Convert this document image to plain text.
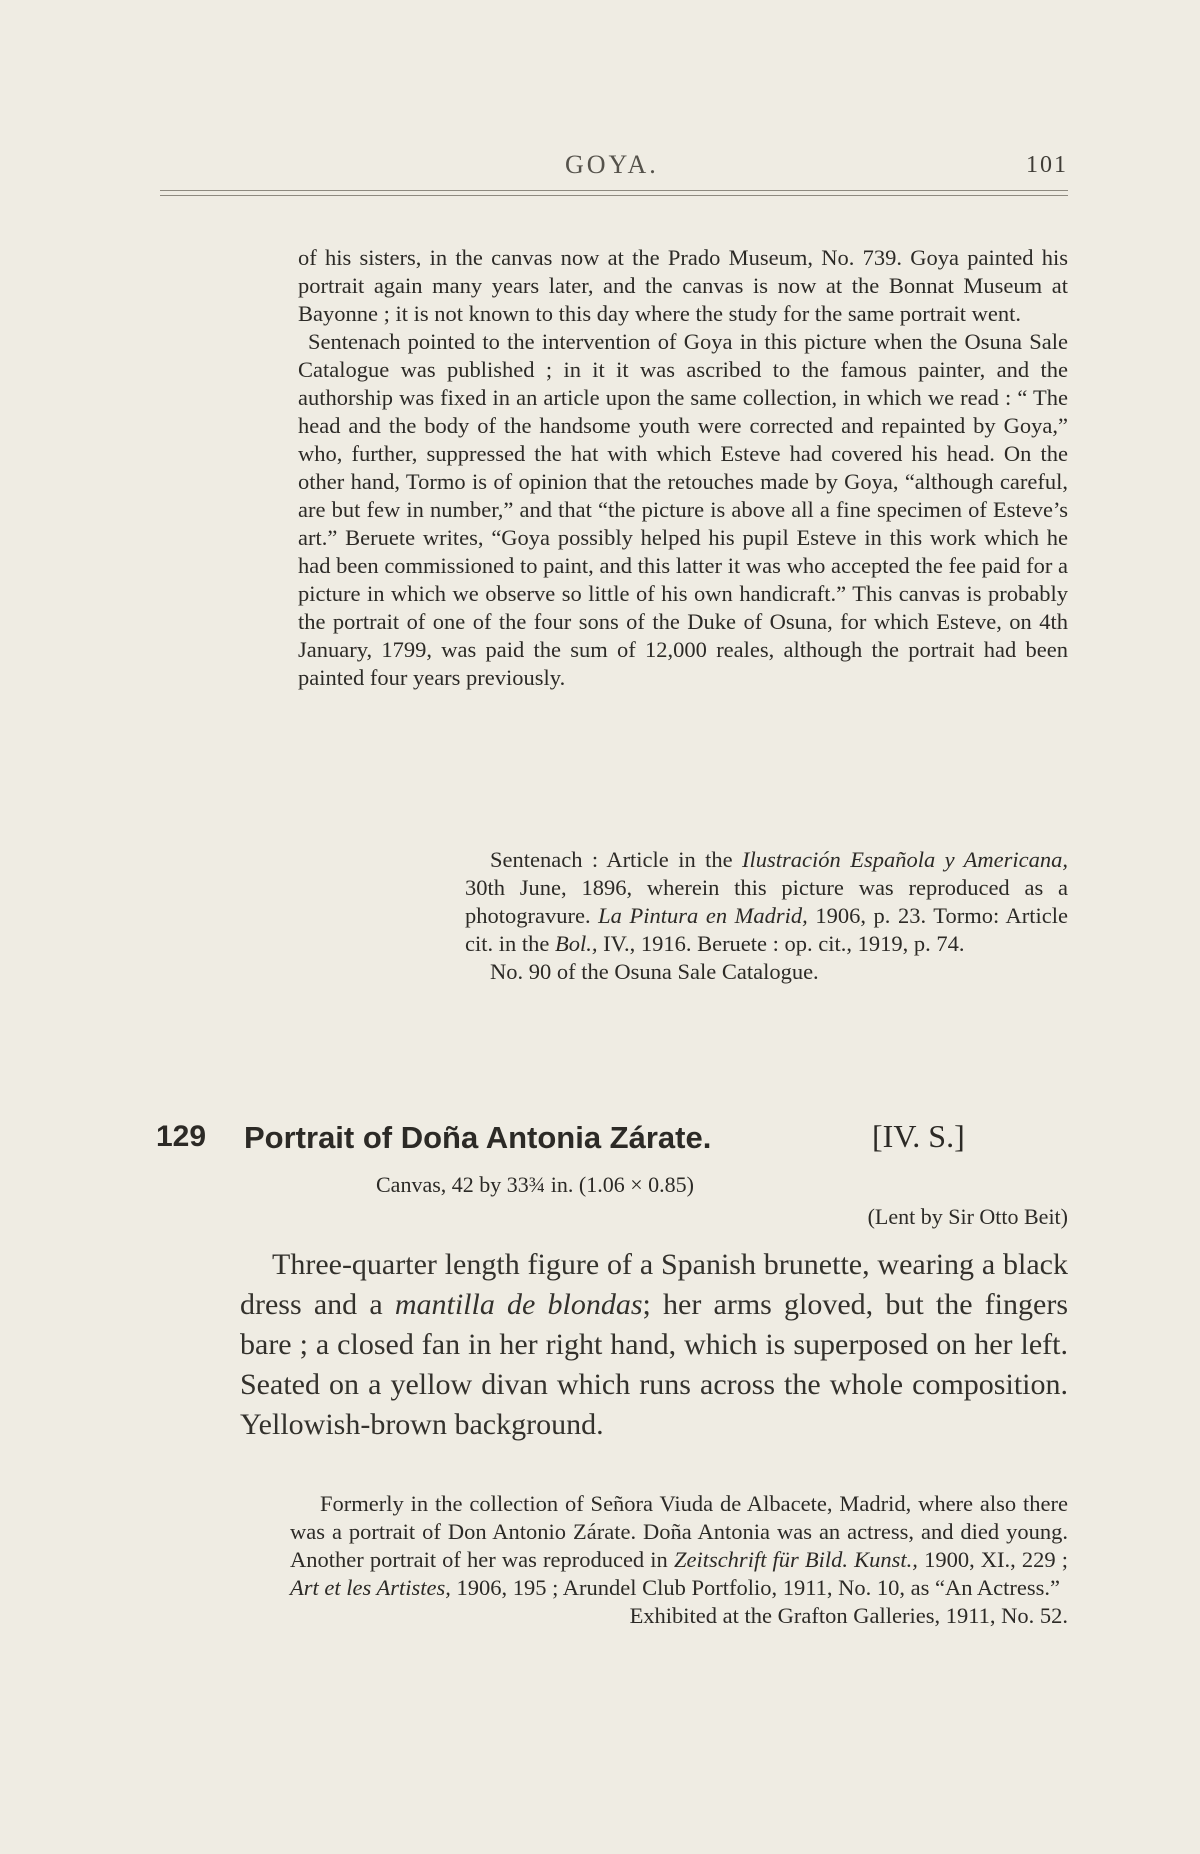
GOYA.	101

of his sisters, in the canvas now at the Prado Museum, No. 739. Goya painted his portrait again many years later, and the canvas is now at the Bonnat Museum at Bayonne ; it is not known to this day where the study for the same portrait went.

Sentenach pointed to the intervention of Goya in this picture when the Osuna Sale Catalogue was published ; in it it was ascribed to the famous painter, and the authorship was fixed in an article upon the same collection, in which we read : “ The head and the body of the handsome youth were corrected and repainted by Goya,” who, further, suppressed the hat with which Esteve had covered his head. On the other hand, Tormo is of opinion that the retouches made by Goya, “although careful, are but few in number,” and that “the picture is above all a fine specimen of Esteve’s art.” Beruete writes, “Goya possibly helped his pupil Esteve in this work which he had been commissioned to paint, and this latter it was who accepted the fee paid for a picture in which we observe so little of his own handicraft.” This canvas is probably the portrait of one of the four sons of the Duke of Osuna, for which Esteve, on 4th January, 1799, was paid the sum of 12,000 reales, although the portrait had been painted four years previously.

Sentenach : Article in the Ilustración Española y Americana, 30th June, 1896, wherein this picture was reproduced as a photogravure. La Pintura en Madrid, 1906, p. 23. Tormo: Article cit. in the Bol., IV., 1916. Beruete : op. cit., 1919, p. 74.

No. 90 of the Osuna Sale Catalogue.

129 Portrait of Doña Antonia Zárate.	[IV. S.]
Canvas, 42 by 33¾ in. (1.06 × 0.85)
(Lent by Sir Otto Beit)

Three-quarter length figure of a Spanish brunette, wearing a black dress and a mantilla de blondas; her arms gloved, but the fingers bare ; a closed fan in her right hand, which is superposed on her left. Seated on a yellow divan which runs across the whole composition. Yellowish-brown background.

Formerly in the collection of Señora Viuda de Albacete, Madrid, where also there was a portrait of Don Antonio Zárate. Doña Antonia was an actress, and died young. Another portrait of her was reproduced in Zeitschrift für Bild. Kunst., 1900, XI., 229 ; Art et les Artistes, 1906, 195 ; Arundel Club Portfolio, 1911, No. 10, as “An Actress.”

Exhibited at the Grafton Galleries, 1911, No. 52.
